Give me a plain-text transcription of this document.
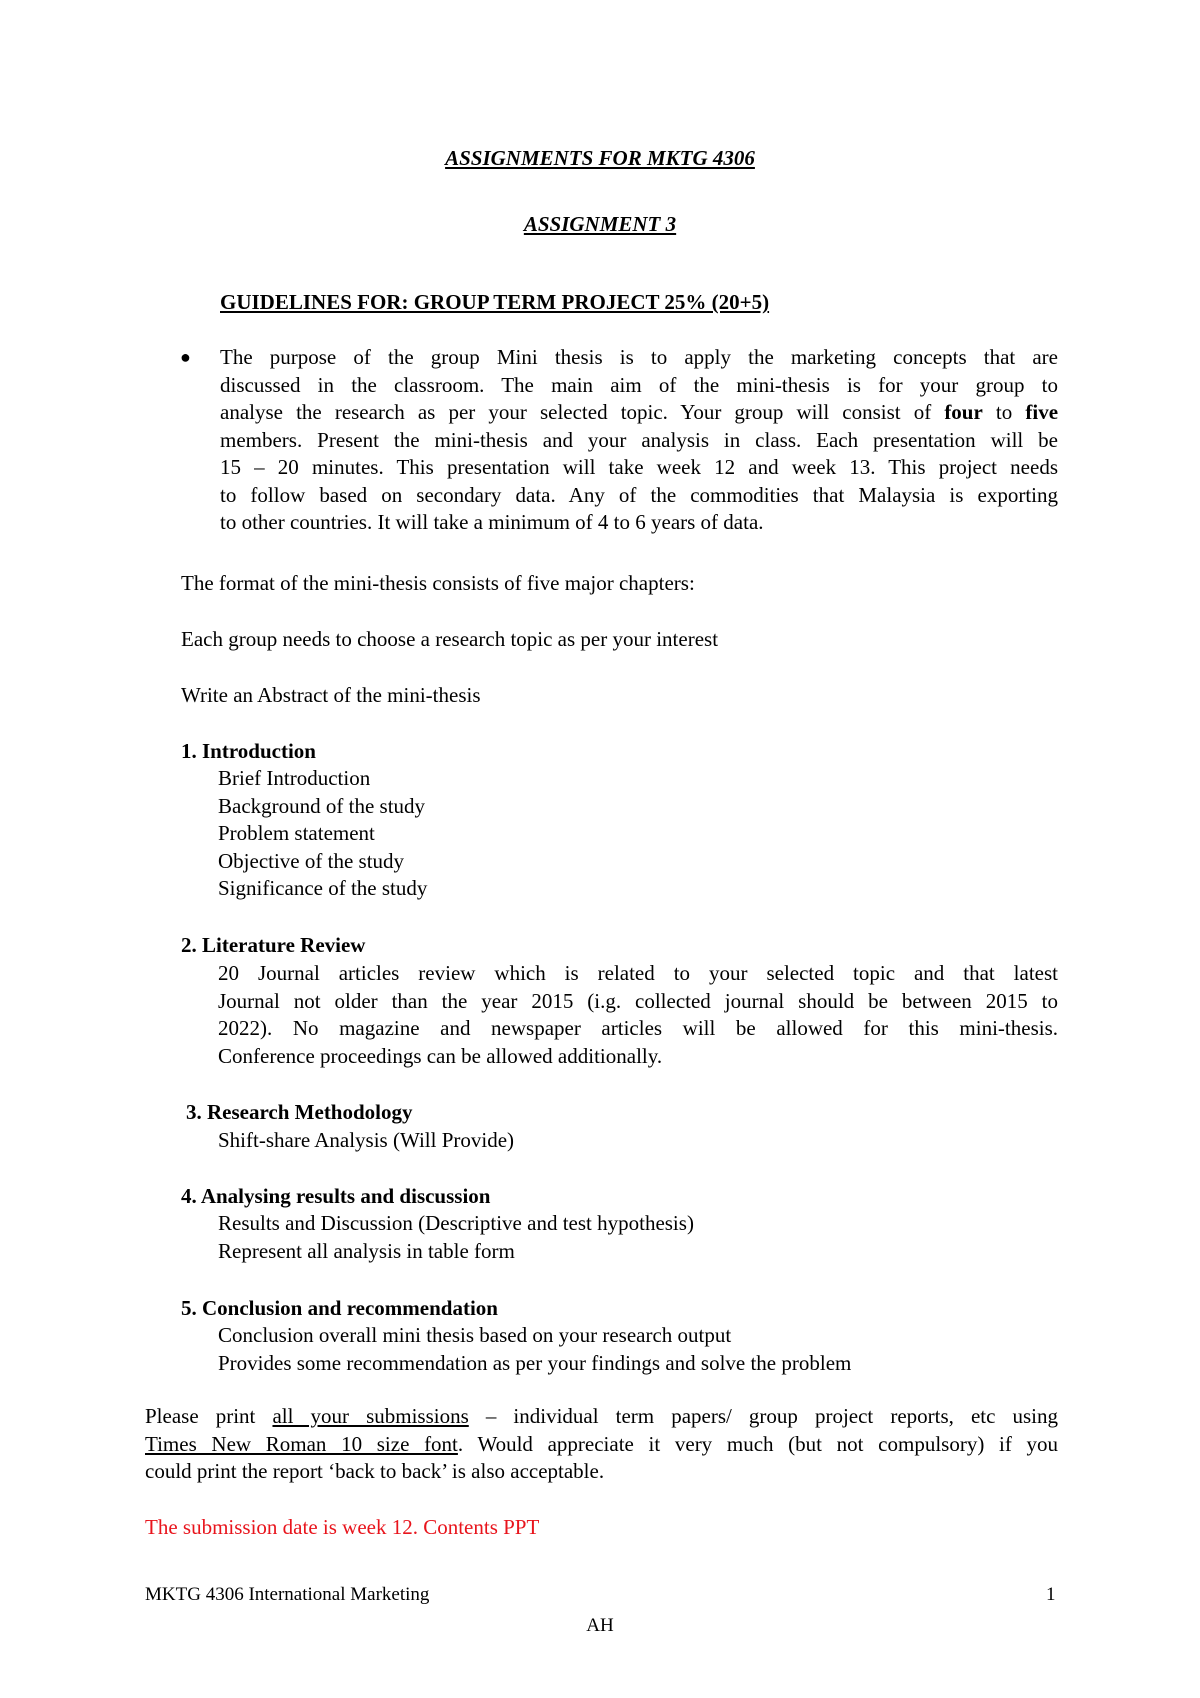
ASSIGNMENTS FOR MKTG 4306
ASSIGNMENT 3
GUIDELINES FOR: GROUP TERM PROJECT 25% (20+5)
● The purpose of the group Mini thesis is to apply the marketing concepts that are
discussed in the classroom. The main aim of the mini-thesis is for your group to
analyse the research as per your selected topic. Your group will consist of four to five
members. Present the mini-thesis and your analysis in class. Each presentation will be
15 – 20 minutes. This presentation will take week 12 and week 13. This project needs
to follow based on secondary data. Any of the commodities that Malaysia is exporting
to other countries. It will take a minimum of 4 to 6 years of data.
The format of the mini-thesis consists of five major chapters:
Each group needs to choose a research topic as per your interest
Write an Abstract of the mini-thesis
1. Introduction
Brief Introduction
Background of the study
Problem statement
Objective of the study
Significance of the study
2. Literature Review
20 Journal articles review which is related to your selected topic and that latest
Journal not older than the year 2015 (i.g. collected journal should be between 2015 to
2022). No magazine and newspaper articles will be allowed for this mini-thesis.
Conference proceedings can be allowed additionally.
3. Research Methodology
Shift-share Analysis (Will Provide)
4. Analysing results and discussion
Results and Discussion (Descriptive and test hypothesis)
Represent all analysis in table form
5. Conclusion and recommendation
Conclusion overall mini thesis based on your research output
Provides some recommendation as per your findings and solve the problem
Please print all your submissions – individual term papers/ group project reports, etc using
Times New Roman 10 size font. Would appreciate it very much (but not compulsory) if you
could print the report ‘back to back’ is also acceptable.
The submission date is week 12. Contents PPT
MKTG 4306 International Marketing	1
AH
